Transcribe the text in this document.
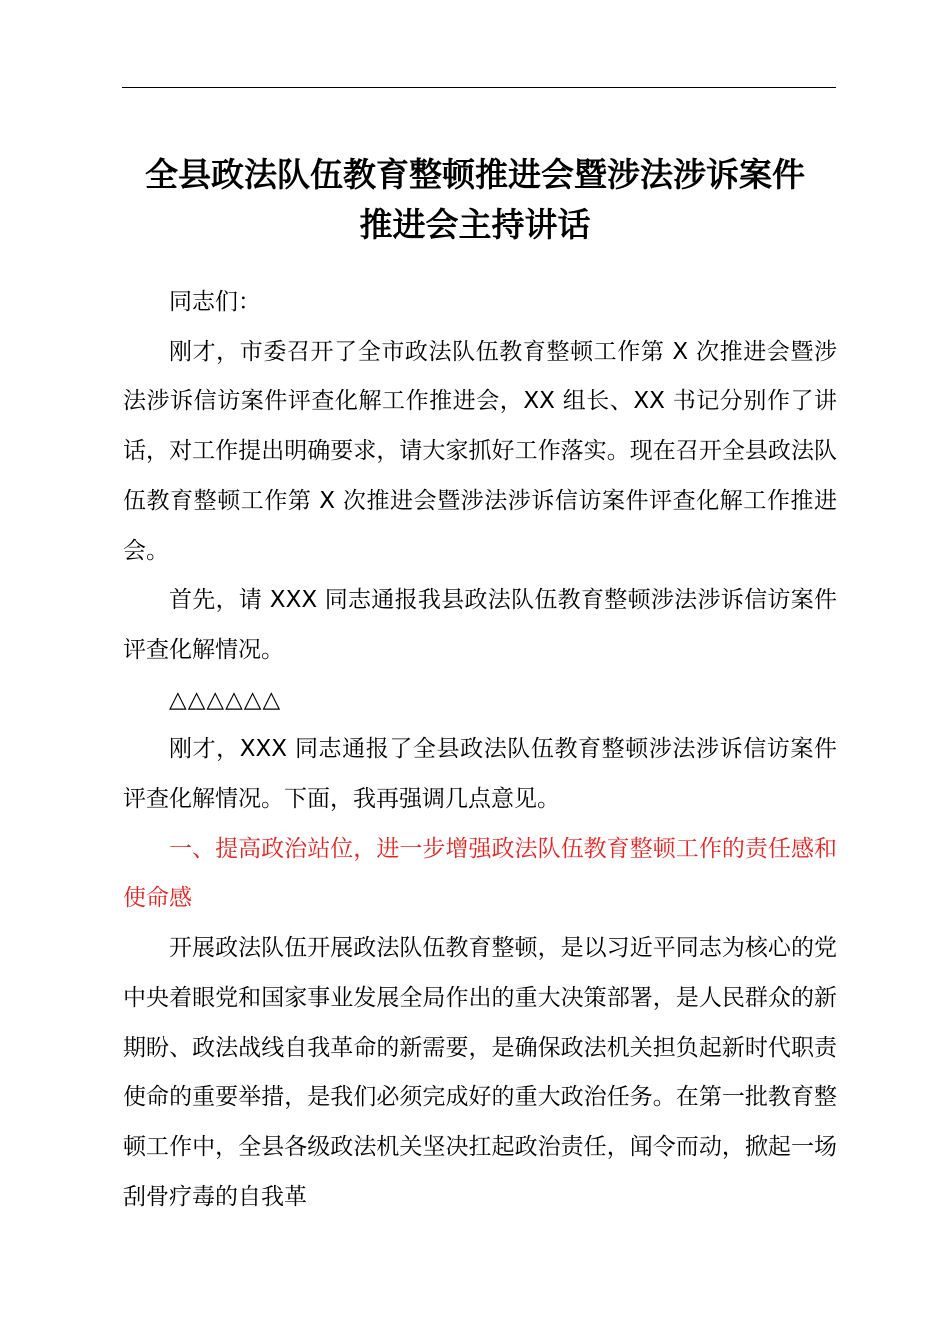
全县政法队伍教育整顿推进会暨涉法涉诉案件
推进会主持讲话

同志们：

刚才，市委召开了全市政法队伍教育整顿工作第 X 次推进会暨涉法涉诉信访案件评查化解工作推进会，XX 组长、XX 书记分别作了讲话，对工作提出明确要求，请大家抓好工作落实。现在召开全县政法队伍教育整顿工作第 X 次推进会暨涉法涉诉信访案件评查化解工作推进会。

首先，请 XXX 同志通报我县政法队伍教育整顿涉法涉诉信访案件评查化解情况。

△△△△△△

刚才，XXX 同志通报了全县政法队伍教育整顿涉法涉诉信访案件评查化解情况。下面，我再强调几点意见。

一、提高政治站位，进一步增强政法队伍教育整顿工作的责任感和使命感

开展政法队伍开展政法队伍教育整顿，是以习近平同志为核心的党中央着眼党和国家事业发展全局作出的重大决策部署，是人民群众的新期盼、政法战线自我革命的新需要，是确保政法机关担负起新时代职责使命的重要举措，是我们必须完成好的重大政治任务。在第一批教育整顿工作中，全县各级政法机关坚决扛起政治责任，闻令而动，掀起一场刮骨疗毒的自我革
